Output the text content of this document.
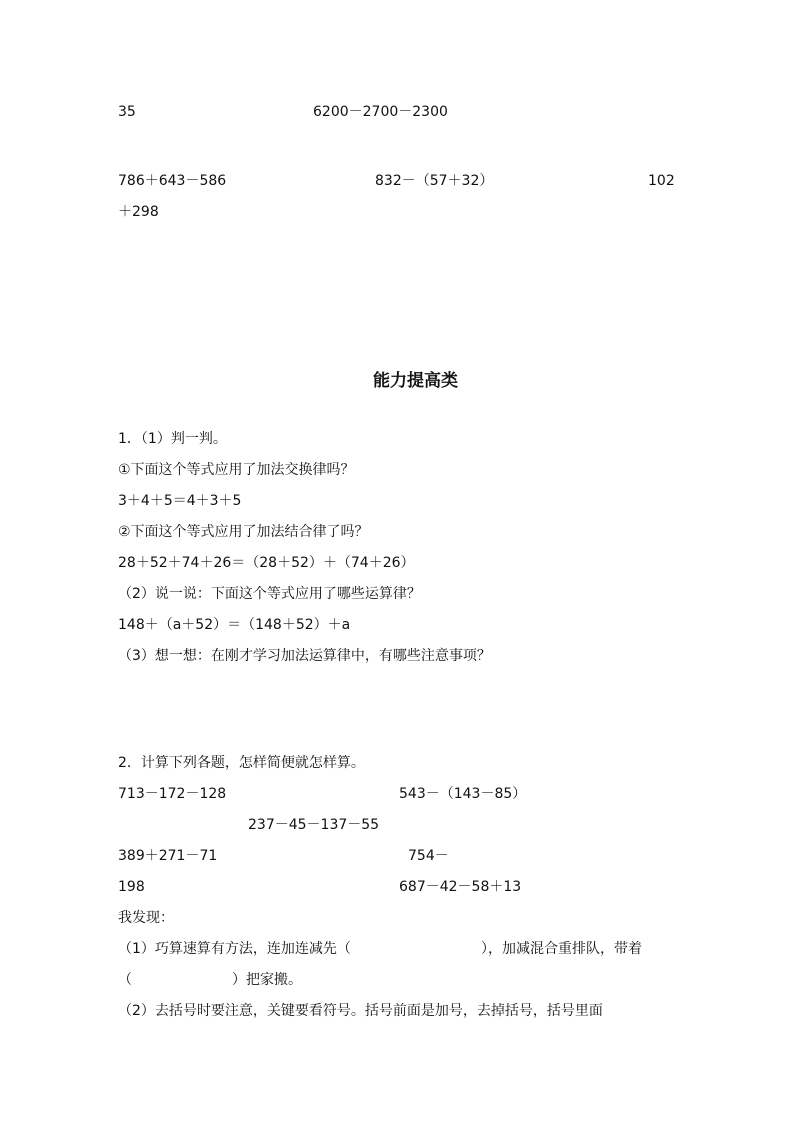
35	6200－2700－2300
786＋643－586	832－（57＋32）	102
＋298
能力提高类
1．（1）判一判。
①下面这个等式应用了加法交换律吗？
3＋4＋5＝4＋3＋5
②下面这个等式应用了加法结合律了吗？
28＋52＋74＋26＝（28＋52）＋（74＋26）
（2）说一说：下面这个等式应用了哪些运算律？
148＋（a＋52）＝（148＋52）＋a
（3）想一想：在刚才学习加法运算律中，有哪些注意事项？
2．计算下列各题，怎样简便就怎样算。
713－172－128	543－（143－85）
237－45－137－55
389＋271－71	754－
198	687－42－58＋13
我发现：
（1）巧算速算有方法，连加连减先（	），加减混合重排队，带着
（	）把家搬。
（2）去括号时要注意，关键要看符号。括号前面是加号，去掉括号，括号里面
